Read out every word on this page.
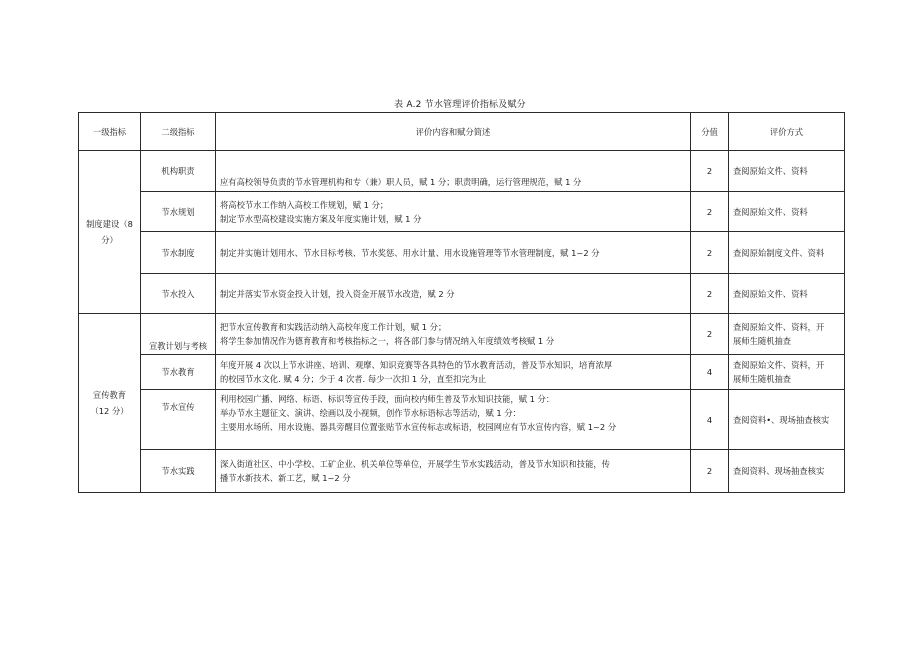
表 A.2 节水管理评价指标及赋分
一级指标	二级指标	评价内容和赋分简述	分值	评价方式

制度建设（8
分）	机构职责	应有高校领导负责的节水管理机构和专（兼）职人员，赋 1 分；职责明确，运行管理规范，赋 1 分	2	查阅原始文件、资料

	节水规划	将高校节水工作纳入高校工作规划，赋 1 分；
制定节水型高校建设实施方案及年度实施计划，赋 1 分	2	查阅原始文件、资料

	节水制度	制定并实施计划用水、节水目标考核、节水奖惩、用水计量、用水设施管理等节水管理制度，赋 1~2 分	2	查阅原始制度文件、资料

	节水投入	制定并落实节水资金投入计划，投入资金开展节水改造，赋 2 分	2	查阅原始文件、资料

宣传教育
（12 分）	宣教计划与考核	把节水宣传教育和实践活动纳入高校年度工作计划，赋 1 分；
将学生参加情况作为德育教育和考核指标之一，将各部门参与情况纳入年度绩效考核赋 1 分	2	查阅原始文件、资料，开
展师生随机抽查

	节水教育	年度开展 4 次以上节水讲座、培训、观摩、知识竞赛等各具特色的节水教育活动，普及节水知识，培育浓厚
的校园节水文化. 赋 4 分；少于 4 次者. 每少一次扣 1 分，直至扣完为止	4	查阅原始文件、资料，开
展师生随机抽查

	节水宣传	利用校园广播、网络、标语、标识等宣传手段，面向校内师生普及节水知识技能，赋 1 分：
举办节水主题征文、演讲、绘画以及小视频，创作节水标语标志等活动，赋 1 分：
主要用水场所、用水设施、器具旁醒目位置张贴节水宣传标志或标语，校园网应有节水宣传内容，赋 1~2 分	4	查阅资料•、现场抽查核实

	节水实践	深入街道社区、中小学校、工矿企业、机关单位等单位，开展学生节水实践活动，普及节水知识和技能，传
播节水新技术、新工艺，赋 1~2 分	2	查阅资料、现场抽查核实
